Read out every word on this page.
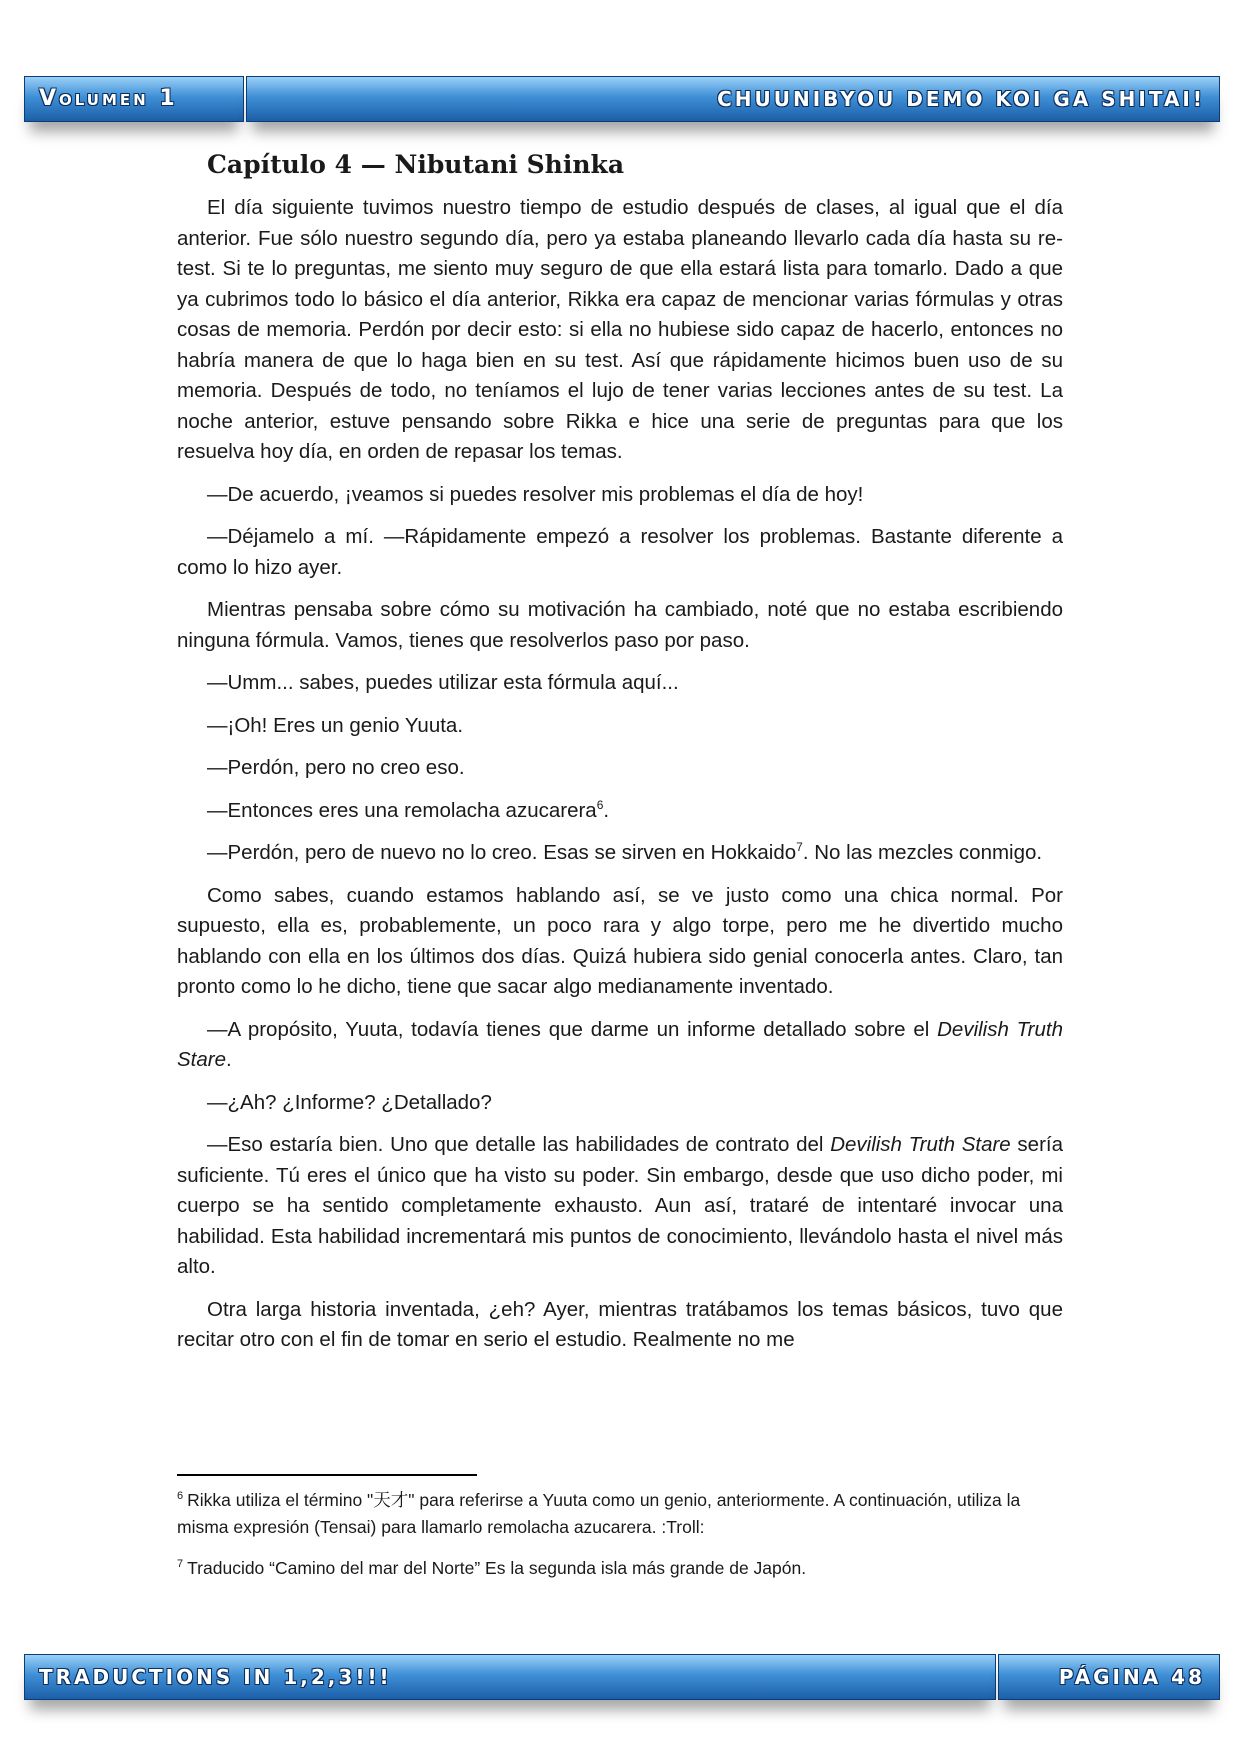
Volumen 1	CHUUNIBYOU DEMO KOI GA SHITAI!
Capítulo 4 — Nibutani Shinka

El día siguiente tuvimos nuestro tiempo de estudio después de clases, al igual que el día anterior. Fue sólo nuestro segundo día, pero ya estaba planeando llevarlo cada día hasta su re-test. Si te lo preguntas, me siento muy seguro de que ella estará lista para tomarlo. Dado a que ya cubrimos todo lo básico el día anterior, Rikka era capaz de mencionar varias fórmulas y otras cosas de memoria. Perdón por decir esto: si ella no hubiese sido capaz de hacerlo, entonces no habría manera de que lo haga bien en su test. Así que rápidamente hicimos buen uso de su memoria. Después de todo, no teníamos el lujo de tener varias lecciones antes de su test. La noche anterior, estuve pensando sobre Rikka e hice una serie de preguntas para que los resuelva hoy día, en orden de repasar los temas.

—De acuerdo, ¡veamos si puedes resolver mis problemas el día de hoy!

—Déjamelo a mí. —Rápidamente empezó a resolver los problemas. Bastante diferente a como lo hizo ayer.

Mientras pensaba sobre cómo su motivación ha cambiado, noté que no estaba escribiendo ninguna fórmula. Vamos, tienes que resolverlos paso por paso.

—Umm... sabes, puedes utilizar esta fórmula aquí...

—¡Oh! Eres un genio Yuuta.

—Perdón, pero no creo eso.

—Entonces eres una remolacha azucarera$^6$.

—Perdón, pero de nuevo no lo creo. Esas se sirven en Hokkaido$^7$. No las mezcles conmigo.

Como sabes, cuando estamos hablando así, se ve justo como una chica normal. Por supuesto, ella es, probablemente, un poco rara y algo torpe, pero me he divertido mucho hablando con ella en los últimos dos días. Quizá hubiera sido genial conocerla antes. Claro, tan pronto como lo he dicho, tiene que sacar algo medianamente inventado.

—A propósito, Yuuta, todavía tienes que darme un informe detallado sobre el Devilish Truth Stare.

—¿Ah? ¿Informe? ¿Detallado?

—Eso estaría bien. Uno que detalle las habilidades de contrato del Devilish Truth Stare sería suficiente. Tú eres el único que ha visto su poder. Sin embargo, desde que uso dicho poder, mi cuerpo se ha sentido completamente exhausto. Aun así, trataré de intentaré invocar una habilidad. Esta habilidad incrementará mis puntos de conocimiento, llevándolo hasta el nivel más alto.

Otra larga historia inventada, ¿eh? Ayer, mientras tratábamos los temas básicos, tuvo que recitar otro con el fin de tomar en serio el estudio. Realmente no me

$^6$ Rikka utiliza el término "天才" para referirse a Yuuta como un genio, anteriormente. A continuación, utiliza la misma expresión (Tensai) para llamarlo remolacha azucarera. :Troll:

$^7$ Traducido “Camino del mar del Norte” Es la segunda isla más grande de Japón.

TRADUCTIONS IN 1,2,3!!!	PÁGINA 48
